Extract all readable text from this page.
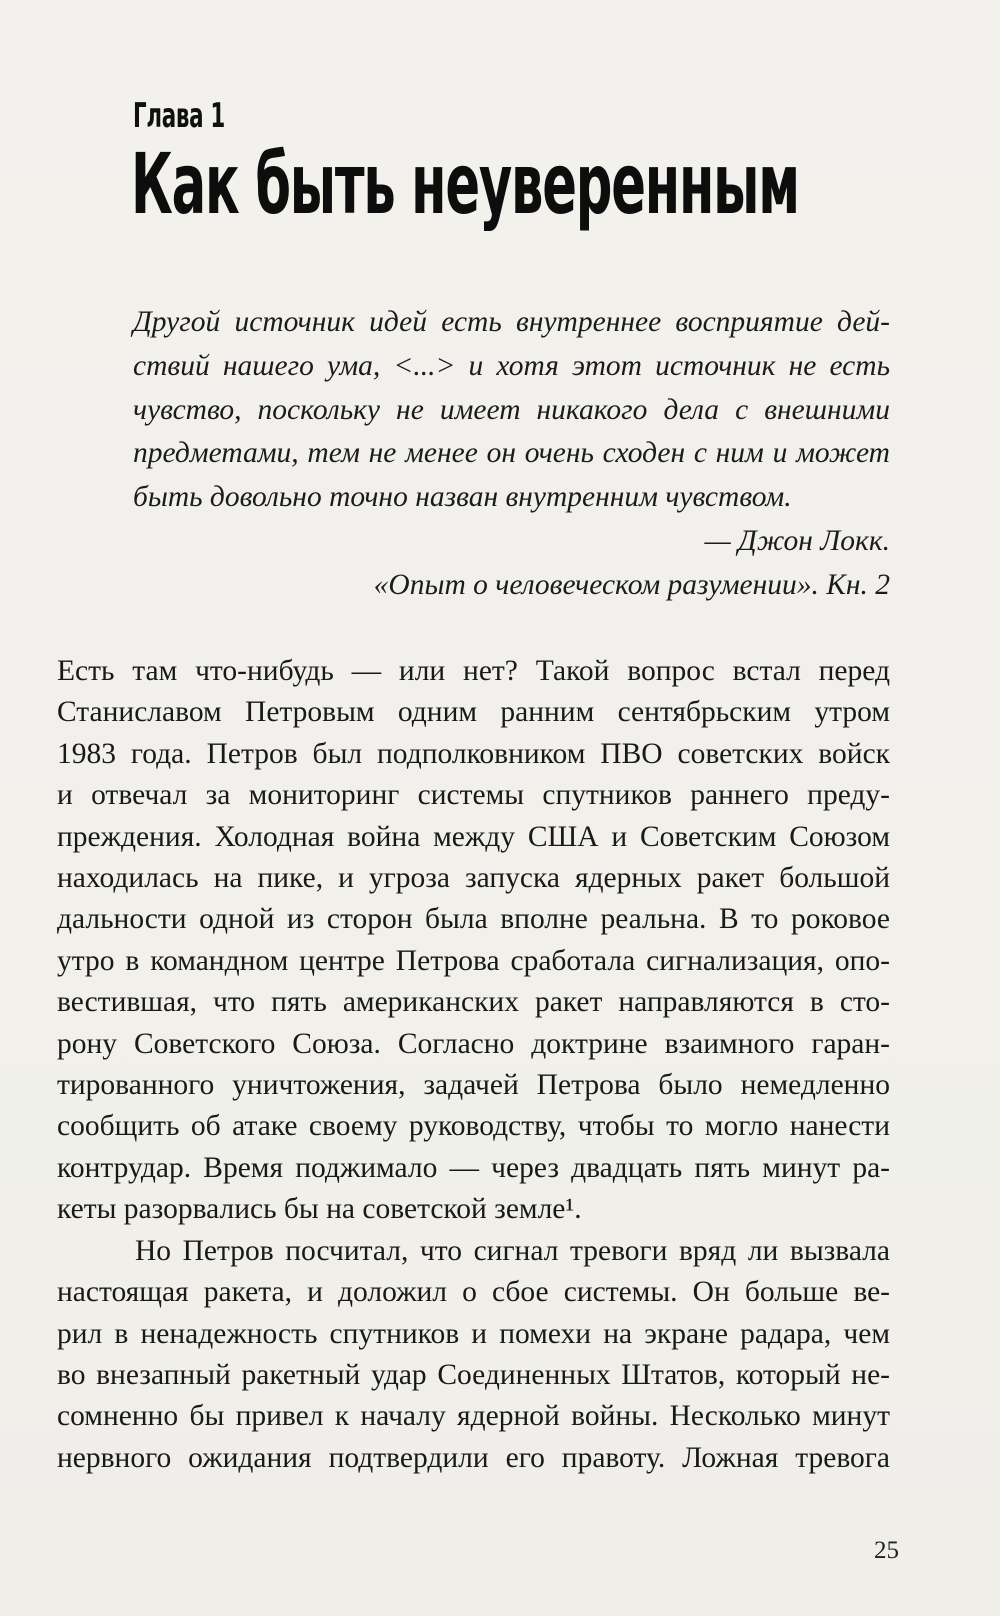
Глава 1
Как быть неуверенным
Другой источник идей есть внутреннее восприятие дей-
ствий нашего ума, <...> и хотя этот источник не есть
чувство, поскольку не имеет никакого дела с внешними
предметами, тем не менее он очень сходен с ним и может
быть довольно точно назван внутренним чувством.
— Джон Локк.
«Опыт о человеческом разумении». Кн. 2
Есть там что-нибудь — или нет? Такой вопрос встал перед
Станиславом Петровым одним ранним сентябрьским утром
1983 года. Петров был подполковником ПВО советских войск
и отвечал за мониторинг системы спутников раннего преду-
преждения. Холодная война между США и Советским Союзом
находилась на пике, и угроза запуска ядерных ракет большой
дальности одной из сторон была вполне реальна. В то роковое
утро в командном центре Петрова сработала сигнализация, опо-
вестившая, что пять американских ракет направляются в сто-
рону Советского Союза. Согласно доктрине взаимного гаран-
тированного уничтожения, задачей Петрова было немедленно
сообщить об атаке своему руководству, чтобы то могло нанести
контрудар. Время поджимало — через двадцать пять минут ра-
кеты разорвались бы на советской земле¹.
Но Петров посчитал, что сигнал тревоги вряд ли вызвала
настоящая ракета, и доложил о сбое системы. Он больше ве-
рил в ненадежность спутников и помехи на экране радара, чем
во внезапный ракетный удар Соединенных Штатов, который не-
сомненно бы привел к началу ядерной войны. Несколько минут
нервного ожидания подтвердили его правоту. Ложная тревога
25
